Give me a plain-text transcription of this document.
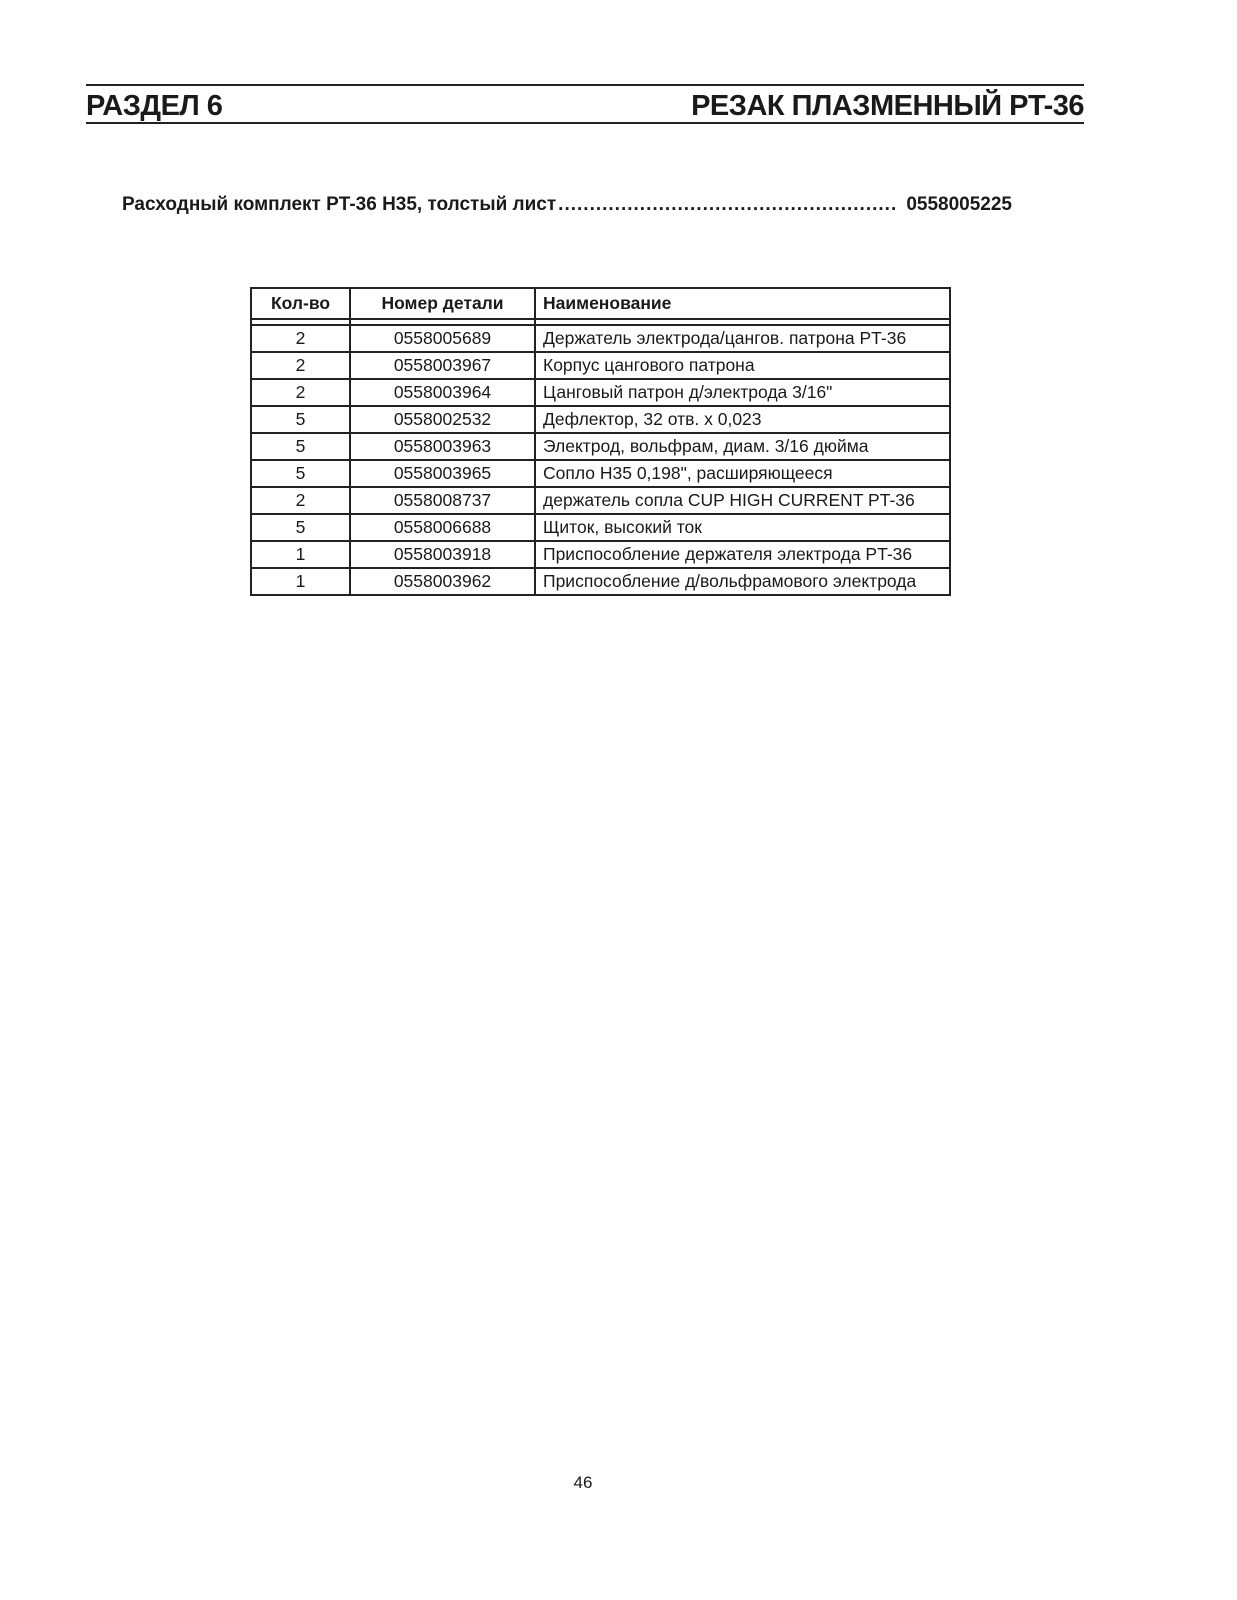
РАЗДЕЛ 6	РЕЗАК ПЛАЗМЕННЫЙ PT-36
Расходный комплект PT-36 H35, толстый лист ...................................................... 0558005225
Кол-во	Номер детали	Наименование

2	0558005689	Держатель электрода/цангов. патрона PT-36
2	0558003967	Корпус цангового патрона
2	0558003964	Цанговый патрон д/электрода 3/16"
5	0558002532	Дефлектор, 32 отв. x 0,023
5	0558003963	Электрод, вольфрам, диам. 3/16 дюйма
5	0558003965	Сопло H35 0,198", расширяющееся
2	0558008737	держатель сопла CUP HIGH CURRENT PT-36
5	0558006688	Щиток, высокий ток
1	0558003918	Приспособление держателя электрода PT-36
1	0558003962	Приспособление д/вольфрамового электрода
46
